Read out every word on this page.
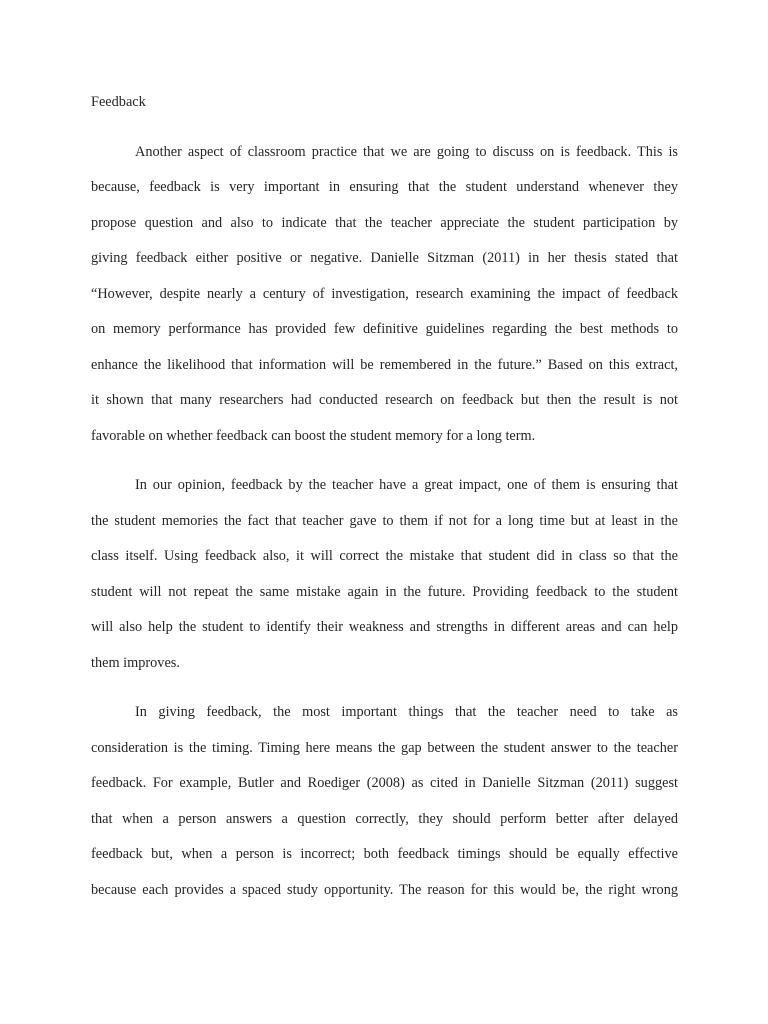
Feedback

Another aspect of classroom practice that we are going to discuss on is feedback. This is

because, feedback is very important in ensuring that the student understand whenever they

propose question and also to indicate that the teacher appreciate the student participation by

giving feedback either positive or negative. Danielle Sitzman (2011) in her thesis stated that

“However, despite nearly a century of investigation, research examining the impact of feedback

on memory performance has provided few definitive guidelines regarding the best methods to

enhance the likelihood that information will be remembered in the future.” Based on this extract,

it shown that many researchers had conducted research on feedback but then the result is not

favorable on whether feedback can boost the student memory for a long term.

In our opinion, feedback by the teacher have a great impact, one of them is ensuring that

the student memories the fact that teacher gave to them if not for a long time but at least in the

class itself. Using feedback also, it will correct the mistake that student did in class so that the

student will not repeat the same mistake again in the future. Providing feedback to the student

will also help the student to identify their weakness and strengths in different areas and can help

them improves.

In giving feedback, the most important things that the teacher need to take as

consideration is the timing. Timing here means the gap between the student answer to the teacher

feedback. For example, Butler and Roediger (2008) as cited in Danielle Sitzman (2011) suggest

that when a person answers a question correctly, they should perform better after delayed

feedback but, when a person is incorrect; both feedback timings should be equally effective

because each provides a spaced study opportunity. The reason for this would be, the right wrong
